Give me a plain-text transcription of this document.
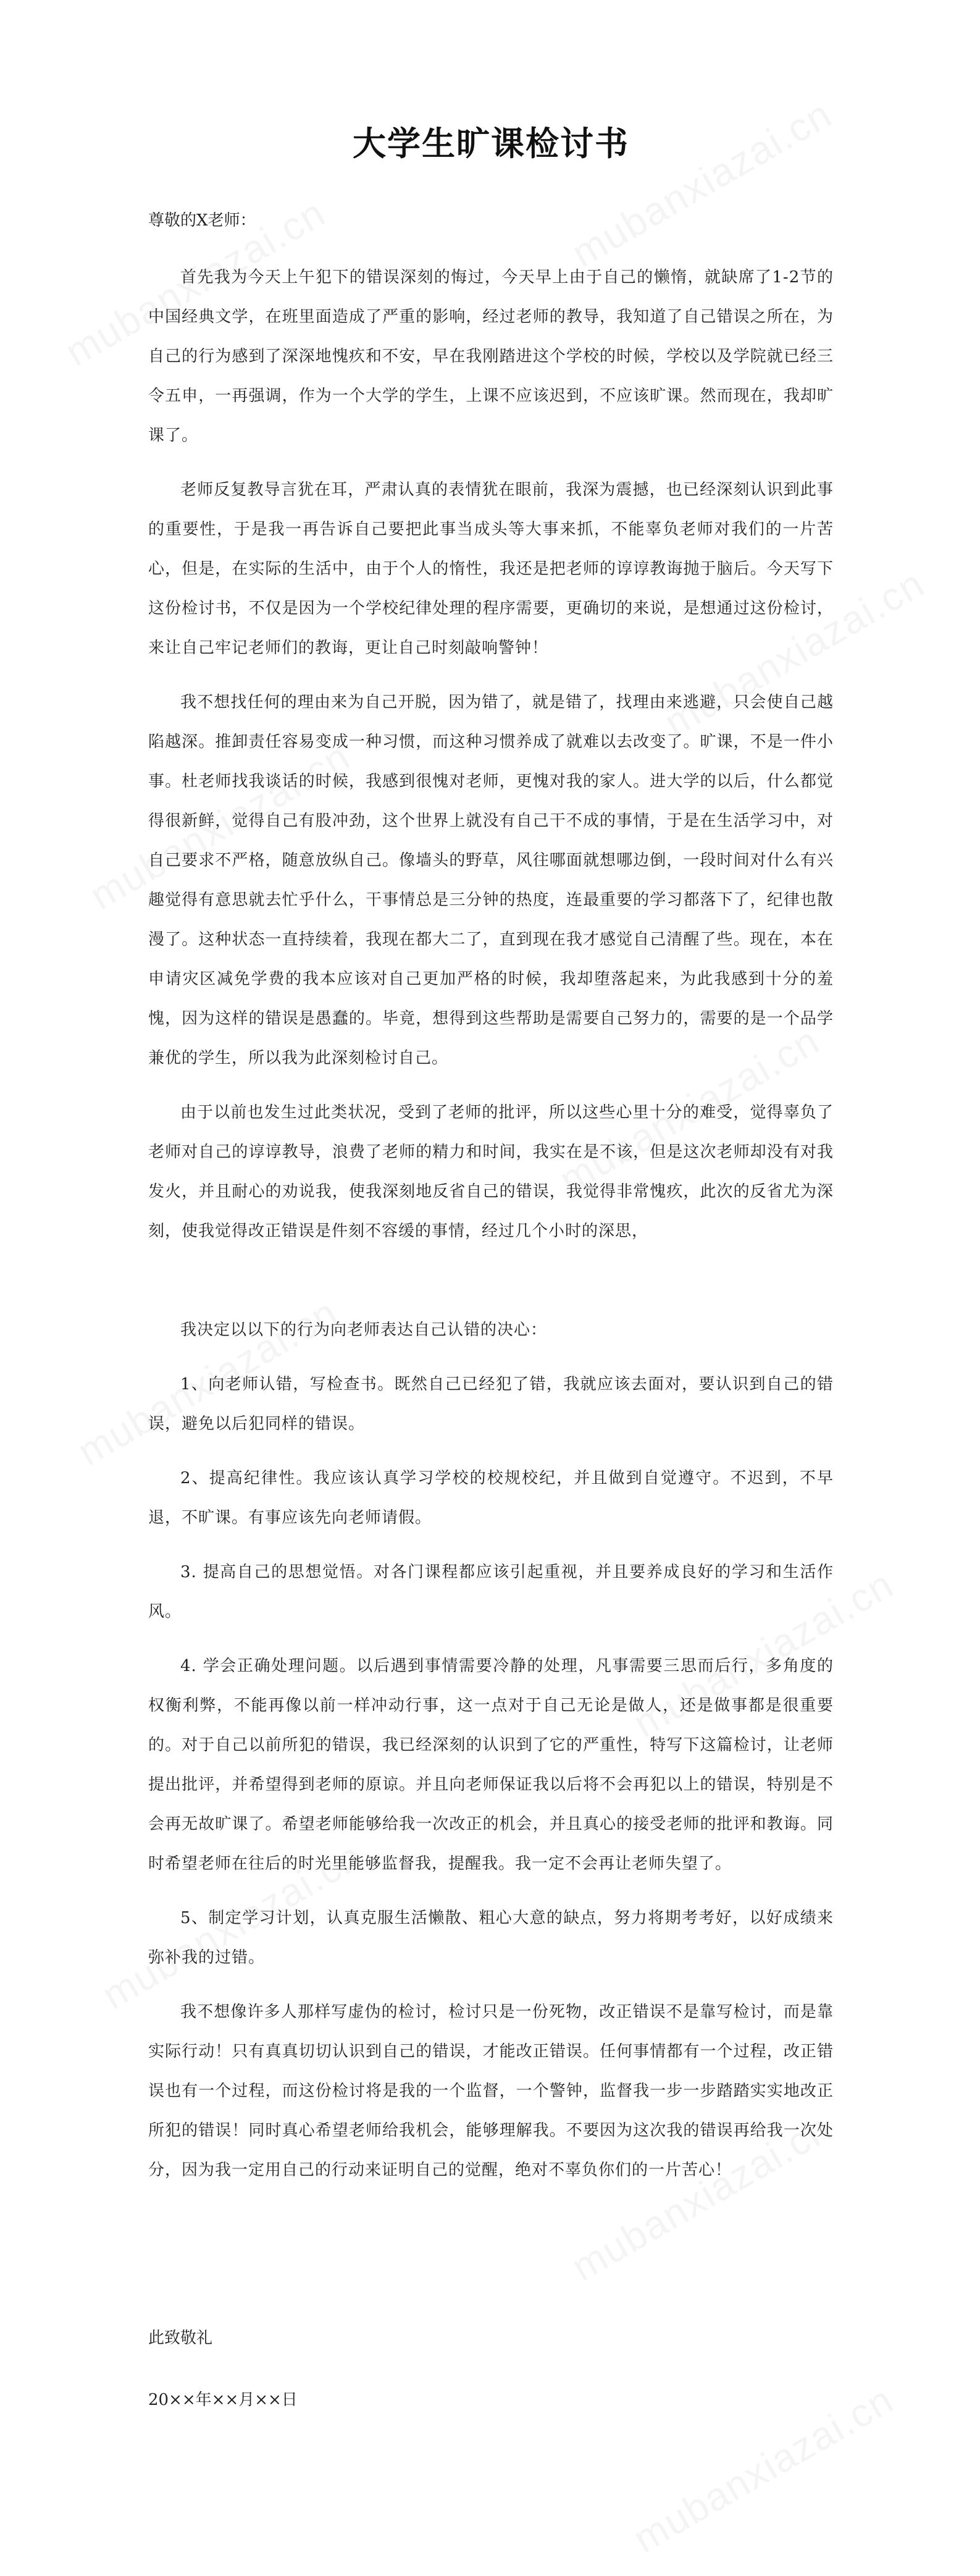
大学生旷课检讨书

尊敬的X老师：

首先我为今天上午犯下的错误深刻的悔过，今天早上由于自己的懒惰，就缺席了1-2节的中国经典文学，在班里面造成了严重的影响，经过老师的教导，我知道了自己错误之所在，为自己的行为感到了深深地愧疚和不安，早在我刚踏进这个学校的时候，学校以及学院就已经三令五申，一再强调，作为一个大学的学生，上课不应该迟到，不应该旷课。然而现在，我却旷课了。

老师反复教导言犹在耳，严肃认真的表情犹在眼前，我深为震撼，也已经深刻认识到此事的重要性，于是我一再告诉自己要把此事当成头等大事来抓，不能辜负老师对我们的一片苦心，但是，在实际的生活中，由于个人的惰性，我还是把老师的谆谆教诲抛于脑后。今天写下这份检讨书，不仅是因为一个学校纪律处理的程序需要，更确切的来说，是想通过这份检讨，来让自己牢记老师们的教诲，更让自己时刻敲响警钟！

我不想找任何的理由来为自己开脱，因为错了，就是错了，找理由来逃避，只会使自己越陷越深。推卸责任容易变成一种习惯，而这种习惯养成了就难以去改变了。旷课，不是一件小事。杜老师找我谈话的时候，我感到很愧对老师，更愧对我的家人。进大学的以后，什么都觉得很新鲜，觉得自己有股冲劲，这个世界上就没有自己干不成的事情，于是在生活学习中，对自己要求不严格，随意放纵自己。像墙头的野草，风往哪面就想哪边倒，一段时间对什么有兴趣觉得有意思就去忙乎什么，干事情总是三分钟的热度，连最重要的学习都落下了，纪律也散漫了。这种状态一直持续着，我现在都大二了，直到现在我才感觉自己清醒了些。现在，本在申请灾区减免学费的我本应该对自己更加严格的时候，我却堕落起来，为此我感到十分的羞愧，因为这样的错误是愚蠢的。毕竟，想得到这些帮助是需要自己努力的，需要的是一个品学兼优的学生，所以我为此深刻检讨自己。

由于以前也发生过此类状况，受到了老师的批评，所以这些心里十分的难受，觉得辜负了老师对自己的谆谆教导，浪费了老师的精力和时间，我实在是不该，但是这次老师却没有对我发火，并且耐心的劝说我，使我深刻地反省自己的错误，我觉得非常愧疚，此次的反省尤为深刻，使我觉得改正错误是件刻不容缓的事情，经过几个小时的深思，

我决定以以下的行为向老师表达自己认错的决心：

1、向老师认错，写检查书。既然自己已经犯了错，我就应该去面对，要认识到自己的错误，避免以后犯同样的错误。

2、提高纪律性。我应该认真学习学校的校规校纪，并且做到自觉遵守。不迟到，不早退，不旷课。有事应该先向老师请假。

3. 提高自己的思想觉悟。对各门课程都应该引起重视，并且要养成良好的学习和生活作风。

4. 学会正确处理问题。以后遇到事情需要冷静的处理，凡事需要三思而后行，多角度的权衡利弊，不能再像以前一样冲动行事，这一点对于自己无论是做人，还是做事都是很重要的。对于自己以前所犯的错误，我已经深刻的认识到了它的严重性，特写下这篇检讨，让老师提出批评，并希望得到老师的原谅。并且向老师保证我以后将不会再犯以上的错误，特别是不会再无故旷课了。希望老师能够给我一次改正的机会，并且真心的接受老师的批评和教诲。同时希望老师在往后的时光里能够监督我，提醒我。我一定不会再让老师失望了。

5、制定学习计划，认真克服生活懒散、粗心大意的缺点，努力将期考考好，以好成绩来弥补我的过错。

我不想像许多人那样写虚伪的检讨，检讨只是一份死物，改正错误不是靠写检讨，而是靠实际行动！只有真真切切认识到自己的错误，才能改正错误。任何事情都有一个过程，改正错误也有一个过程，而这份检讨将是我的一个监督，一个警钟，监督我一步一步踏踏实实地改正所犯的错误！同时真心希望老师给我机会，能够理解我。不要因为这次我的错误再给我一次处分，因为我一定用自己的行动来证明自己的觉醒，绝对不辜负你们的一片苦心！

此致敬礼

20××年××月××日
